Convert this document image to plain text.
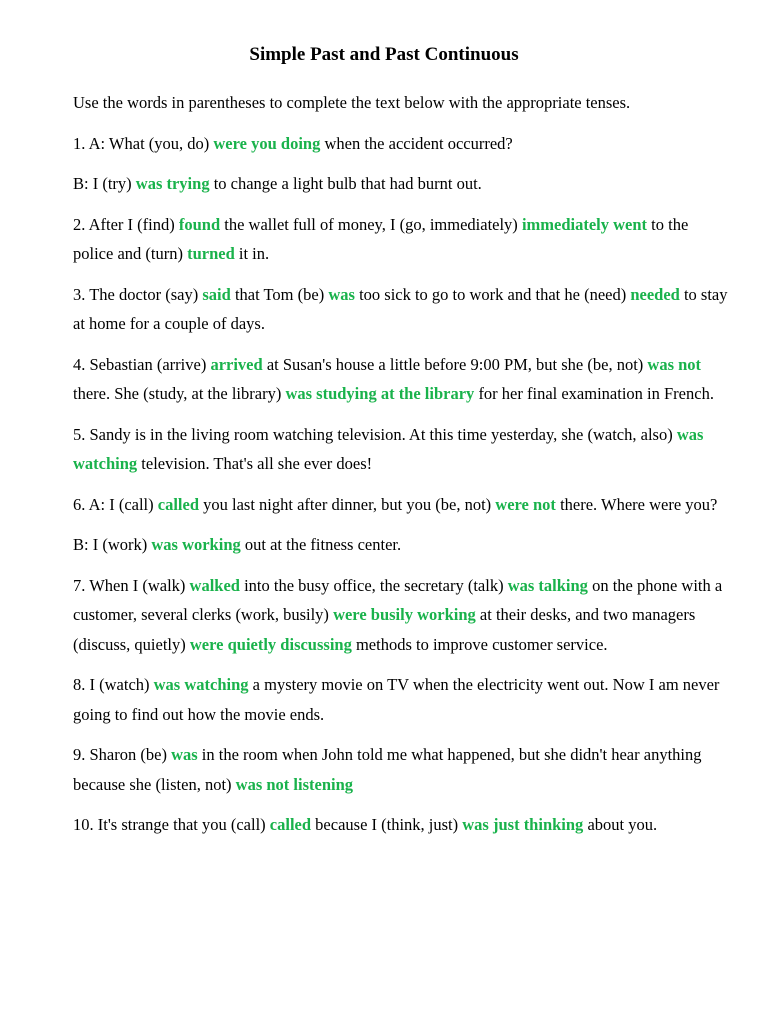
Simple Past and Past Continuous

Use the words in parentheses to complete the text below with the appropriate tenses.

1. A: What (you, do) were you doing when the accident occurred?

B: I (try) was trying to change a light bulb that had burnt out.

2. After I (find) found the wallet full of money, I (go, immediately) immediately went to the police and (turn) turned it in.

3. The doctor (say) said that Tom (be) was too sick to go to work and that he (need) needed to stay at home for a couple of days.

4. Sebastian (arrive) arrived at Susan's house a little before 9:00 PM, but she (be, not) was not there. She (study, at the library) was studying at the library for her final examination in French.

5. Sandy is in the living room watching television. At this time yesterday, she (watch, also) was watching television. That's all she ever does!

6. A: I (call) called you last night after dinner, but you (be, not) were not there. Where were you?

B: I (work) was working out at the fitness center.

7. When I (walk) walked into the busy office, the secretary (talk) was talking on the phone with a customer, several clerks (work, busily) were busily working at their desks, and two managers (discuss, quietly) were quietly discussing methods to improve customer service.

8. I (watch) was watching a mystery movie on TV when the electricity went out. Now I am never going to find out how the movie ends.

9. Sharon (be) was in the room when John told me what happened, but she didn't hear anything because she (listen, not) was not listening

10. It's strange that you (call) called because I (think, just) was just thinking about you.
